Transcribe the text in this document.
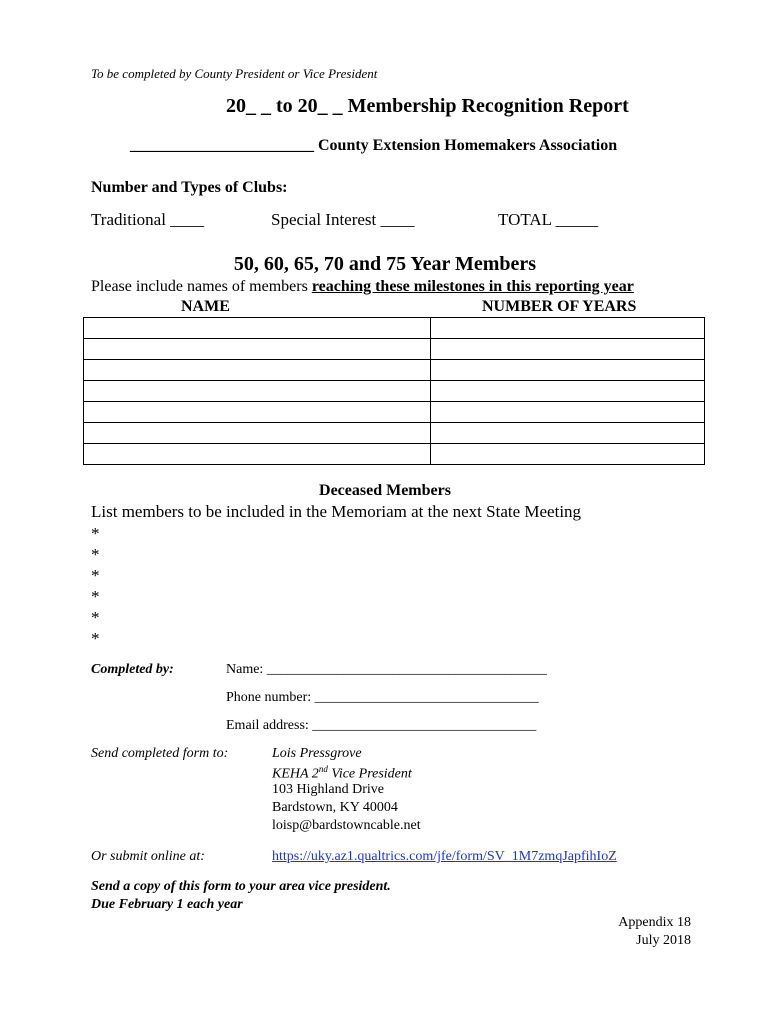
To be completed by County President or Vice President
20_ _ to 20_ _ Membership Recognition Report
_______________________ County Extension Homemakers Association
Number and Types of Clubs:
Traditional ____	Special Interest ____	TOTAL _____
50, 60, 65, 70 and 75 Year Members
Please include names of members reaching these milestones in this reporting year
NAME	NUMBER OF YEARS

Deceased Members
List members to be included in the Memoriam at the next State Meeting
*
*
*
*
*
*
Completed by:	Name: ________________________________________
Phone number: ________________________________
Email address: ________________________________
Send completed form to:	Lois Pressgrove
KEHA 2nd Vice President
103 Highland Drive
Bardstown, KY 40004
loisp@bardstowncable.net
Or submit online at:	https://uky.az1.qualtrics.com/jfe/form/SV_1M7zmqJapfihIoZ
Send a copy of this form to your area vice president.
Due February 1 each year
Appendix 18
July 2018
